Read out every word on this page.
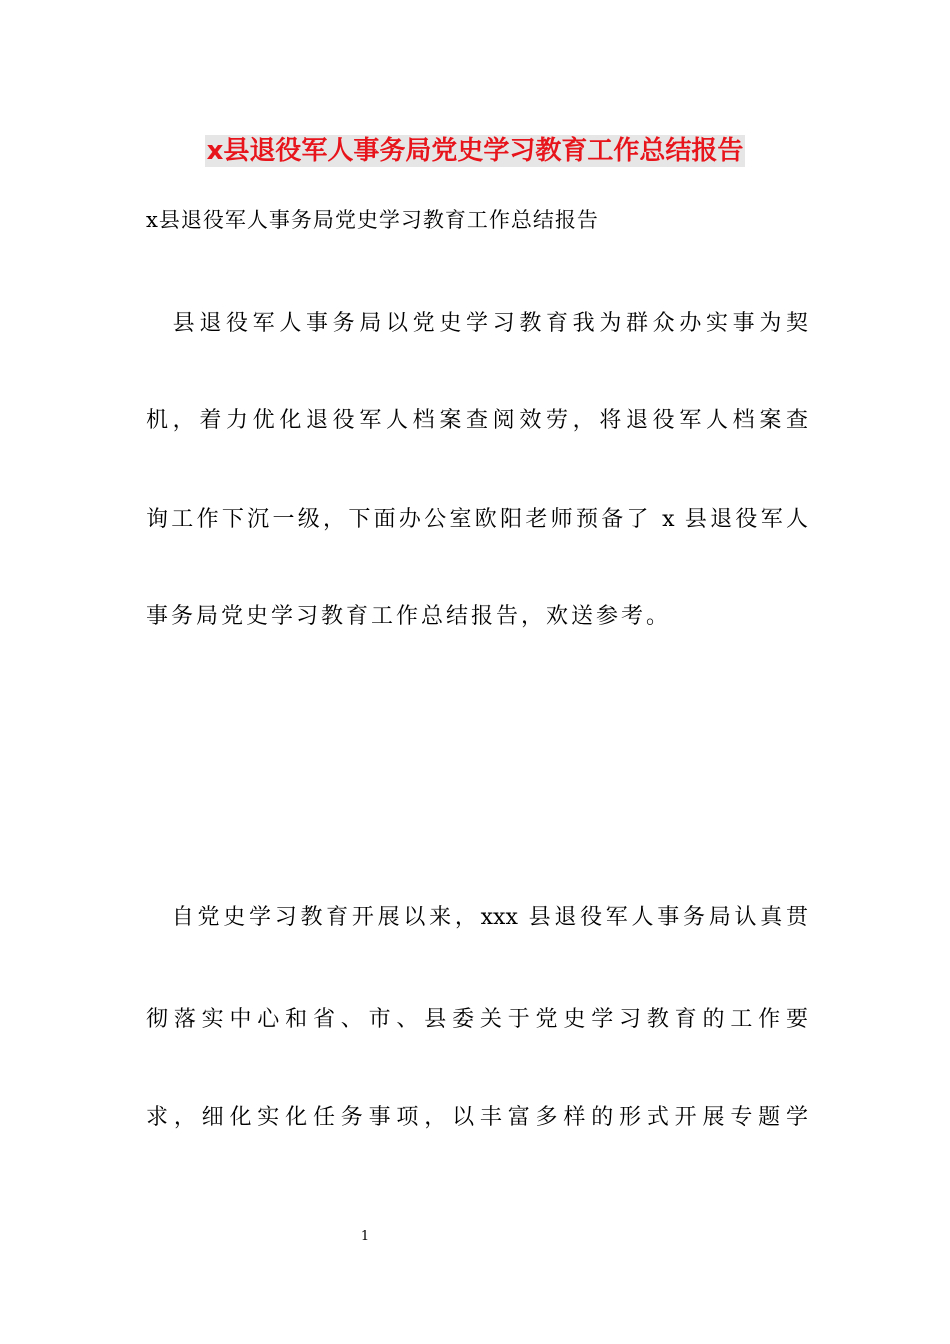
x县退役军人事务局党史学习教育工作总结报告
x县退役军人事务局党史学习教育工作总结报告
　县退役军人事务局以党史学习教育我为群众办实事为契
机，着力优化退役军人档案查阅效劳，将退役军人档案查
询工作下沉一级，下面办公室欧阳老师预备了 x 县退役军人
事务局党史学习教育工作总结报告，欢送参考。
　自党史学习教育开展以来，xxx 县退役军人事务局认真贯
彻落实中心和省、市、县委关于党史学习教育的工作要
求，细化实化任务事项，以丰富多样的形式开展专题学
1
